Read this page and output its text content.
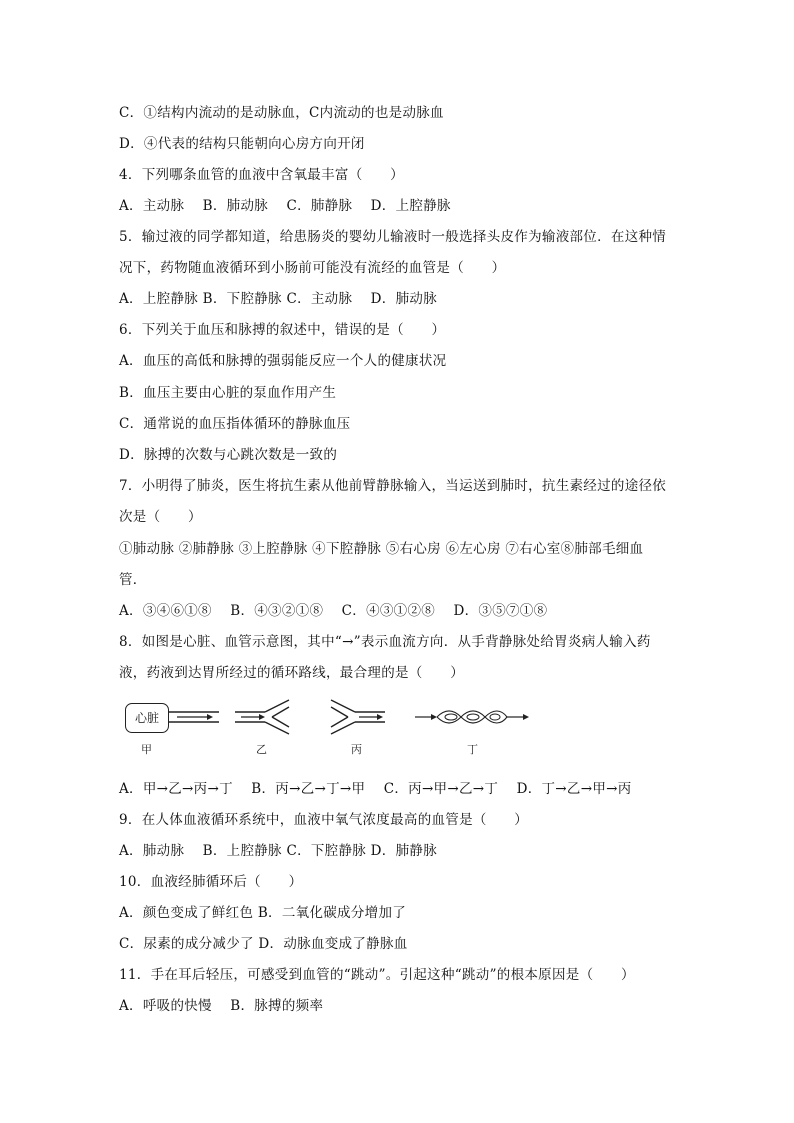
C．①结构内流动的是动脉血，C内流动的也是动脉血
D．④代表的结构只能朝向心房方向开闭
4．下列哪条血管的血液中含氧最丰富（　　）
A．主动脉　 B．肺动脉　 C．肺静脉　 D．上腔静脉
5．输过液的同学都知道，给患肠炎的婴幼儿输液时一般选择头皮作为输液部位．在这种情
况下，药物随血液循环到小肠前可能没有流经的血管是（　　）
A．上腔静脉 B．下腔静脉 C．主动脉　 D．肺动脉
6．下列关于血压和脉搏的叙述中，错误的是（　　）
A．血压的高低和脉搏的强弱能反应一个人的健康状况
B．血压主要由心脏的泵血作用产生
C．通常说的血压指体循环的静脉血压
D．脉搏的次数与心跳次数是一致的
7．小明得了肺炎，医生将抗生素从他前臂静脉输入，当运送到肺时，抗生素经过的途径依
次是（　　）
①肺动脉 ②肺静脉 ③上腔静脉 ④下腔静脉 ⑤右心房 ⑥左心房 ⑦右心室⑧肺部毛细血
管．
A．③④⑥①⑧　 B．④③②①⑧　 C．④③①②⑧　 D．③⑤⑦①⑧
8．如图是心脏、血管示意图，其中“→”表示血流方向．从手背静脉处给胃炎病人输入药
液，药液到达胃所经过的循环路线，最合理的是（　　）
心脏
甲	乙	丙	丁
A．甲→乙→丙→丁　 B．丙→乙→丁→甲　 C．丙→甲→乙→丁　 D．丁→乙→甲→丙
9．在人体血液循环系统中，血液中氧气浓度最高的血管是（　　）
A．肺动脉　 B．上腔静脉 C．下腔静脉 D．肺静脉
10．血液经肺循环后（　　）
A．颜色变成了鲜红色 B．二氧化碳成分增加了
C．尿素的成分减少了 D．动脉血变成了静脉血
11．手在耳后轻压，可感受到血管的“跳动”。引起这种“跳动”的根本原因是（　　）
A．呼吸的快慢　 B．脉搏的频率
